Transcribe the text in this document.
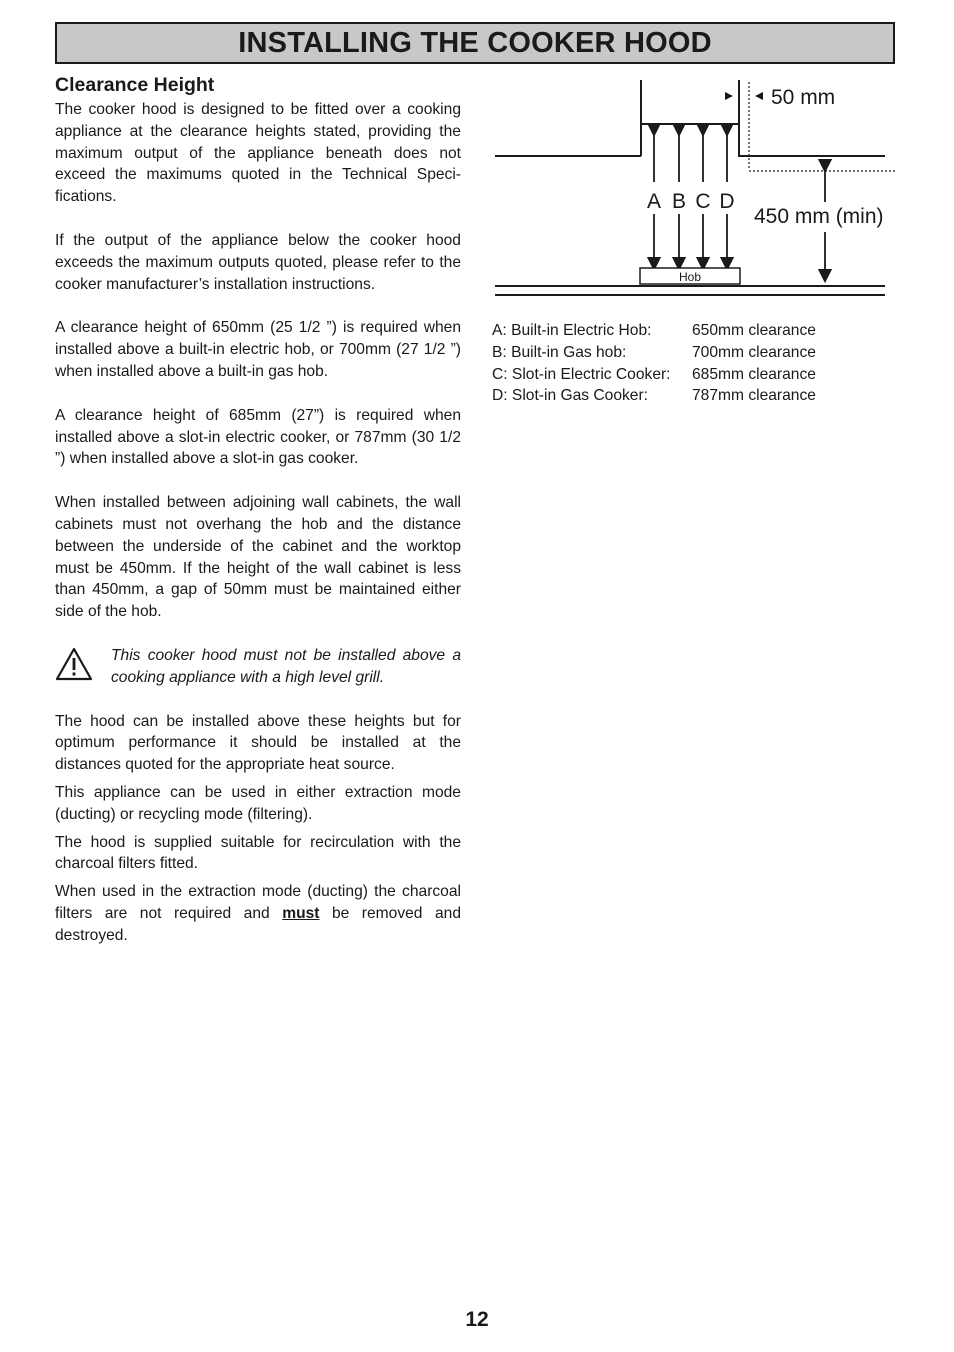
INSTALLING THE COOKER HOOD
Clearance Height

The cooker hood is designed to be fitted over a cooking appliance at the clearance heights stated, providing the maximum output of the appliance beneath does not exceed the maximums quoted in the Technical Speci- fications.

If the output of the appliance below the cooker hood exceeds the maximum outputs quoted, please refer to the cooker manufacturer’s installation instructions.

A clearance height of 650mm (25 1/2 ”) is required when installed above a built-in electric hob, or 700mm (27 1/2 ”) when installed above a built-in gas hob.

A clearance height of 685mm (27”) is required when installed above a slot-in electric cooker, or 787mm (30 1/2 ”) when installed above a slot-in gas cooker.

When installed between adjoining wall cabinets, the wall cabinets must not overhang the hob and the distance between the underside of the cabinet and the worktop must be 450mm. If the height of the wall cabinet is less than 450mm, a gap of 50mm must be maintained either side of the hob.

This cooker hood must not be installed above a cooking appliance with a high level grill.

The hood can be installed above these heights but for optimum performance it should be installed at the distances quoted for the appropriate heat source.

This appliance can be used in either extraction mode (ducting) or recycling mode (filtering).

The hood is supplied suitable for recirculation with the charcoal filters fitted.

When used in the extraction mode (ducting) the charcoal filters are not required and must be removed and destroyed.

50 mm
450 mm (min)
A B C D
Hob
A: Built-in Electric Hob:	650mm clearance
B: Built-in Gas hob:	700mm clearance
C: Slot-in Electric Cooker:	685mm clearance
D: Slot-in Gas Cooker:	787mm clearance
12
